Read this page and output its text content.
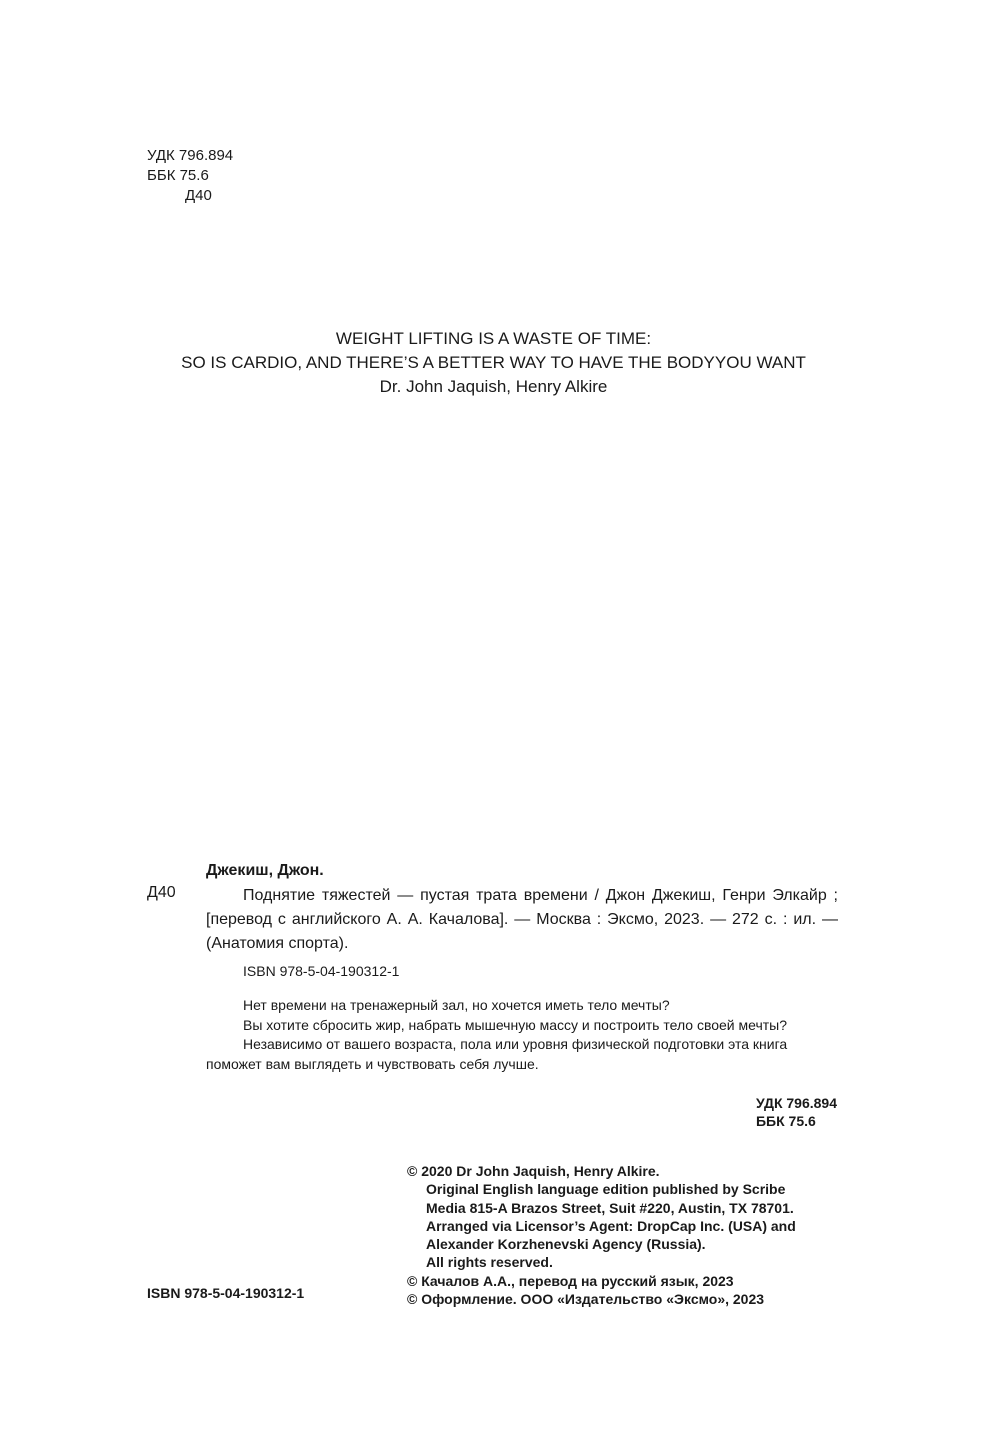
УДК 796.894
ББК 75.6
Д40
WEIGHT LIFTING IS A WASTE OF TIME:
SO IS CARDIO, AND THERE’S A BETTER WAY TO HAVE THE BODYYOU WANT
Dr. John Jaquish, Henry Alkire
Джекиш, Джон.
Д40	Поднятие тяжестей — пустая трата времени / Джон Джекиш, Генри Элкайр ; [перевод с английского А. А. Качалова]. — Москва : Эксмо, 2023. — 272 с. : ил. — (Анатомия спорта).
ISBN 978-5-04-190312-1

Нет времени на тренажерный зал, но хочется иметь тело мечты?

Вы хотите сбросить жир, набрать мышечную массу и построить тело своей мечты?

Независимо от вашего возраста, пола или уровня физической подготовки эта книга поможет вам выглядеть и чувствовать себя лучше.

УДК 796.894
ББК 75.6
© 2020 Dr John Jaquish, Henry Alkire.
Original English language edition published by Scribe
Media 815-A Brazos Street, Suit #220, Austin, TX 78701.
Arranged via Licensor’s Agent: DropCap Inc. (USA) and
Alexander Korzhenevski Agency (Russia).
All rights reserved.
© Качалов А.А., перевод на русский язык, 2023
© Оформление. ООО «Издательство «Эксмо», 2023
ISBN 978-5-04-190312-1
